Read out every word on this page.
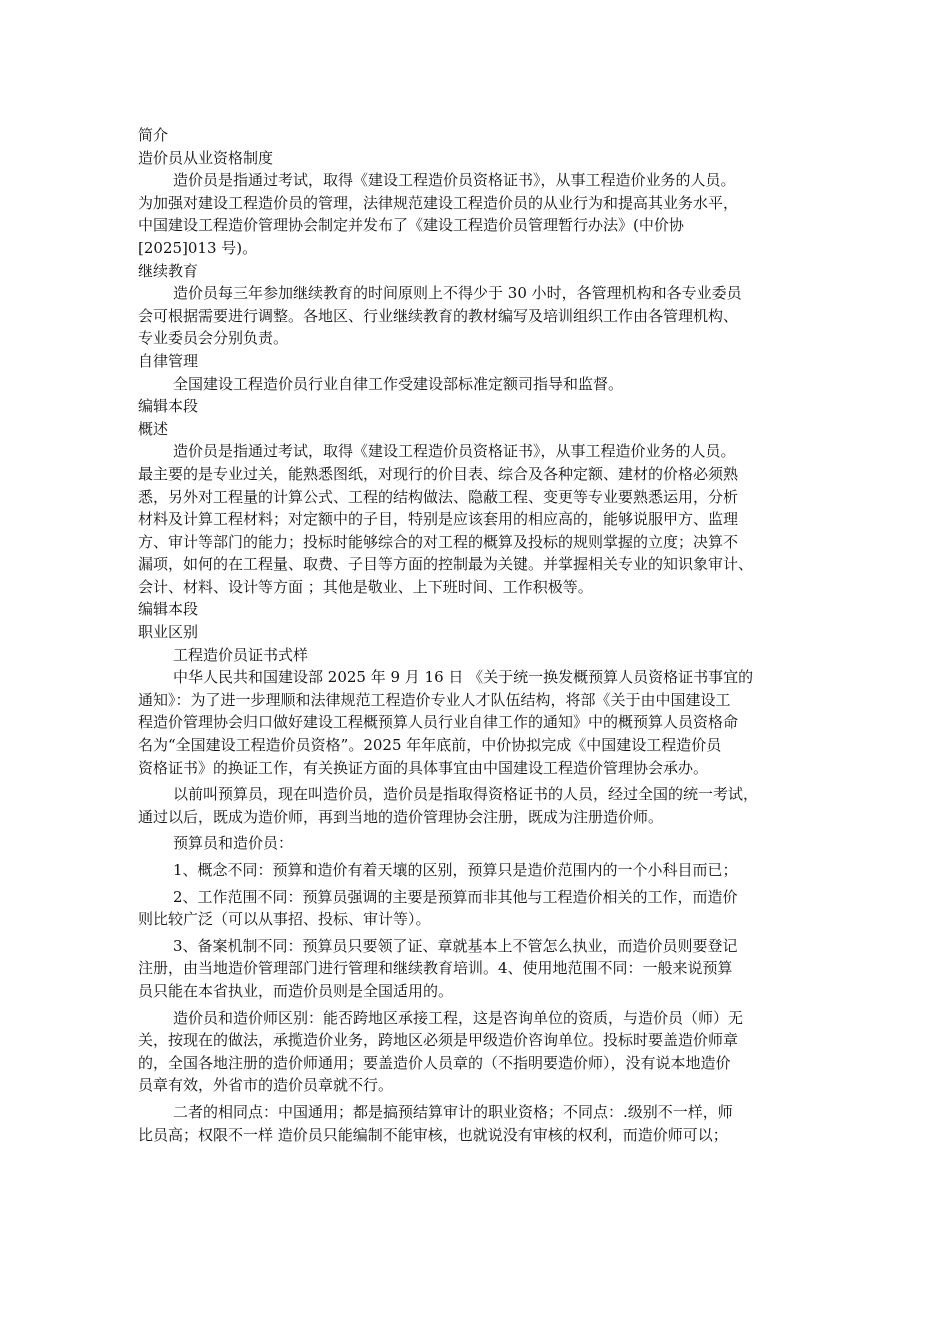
简介
造价员从业资格制度
造价员是指通过考试，取得《建设工程造价员资格证书》，从事工程造价业务的人员。
为加强对建设工程造价员的管理，法律规范建设工程造价员的从业行为和提高其业务水平，
中国建设工程造价管理协会制定并发布了《建设工程造价员管理暂行办法》(中价协
[2025]013 号)。
继续教育
造价员每三年参加继续教育的时间原则上不得少于 30 小时，各管理机构和各专业委员
会可根据需要进行调整。各地区、行业继续教育的教材编写及培训组织工作由各管理机构、
专业委员会分别负责。
自律管理
全国建设工程造价员行业自律工作受建设部标准定额司指导和监督。
编辑本段
概述
造价员是指通过考试，取得《建设工程造价员资格证书》，从事工程造价业务的人员。
最主要的是专业过关，能熟悉图纸，对现行的价目表、综合及各种定额、建材的价格必须熟
悉，另外对工程量的计算公式、工程的结构做法、隐蔽工程、变更等专业要熟悉运用，分析
材料及计算工程材料；对定额中的子目，特别是应该套用的相应高的，能够说服甲方、监理
方、审计等部门的能力；投标时能够综合的对工程的概算及投标的规则掌握的立度；决算不
漏项，如何的在工程量、取费、子目等方面的控制最为关键。并掌握相关专业的知识象审计、
会计、材料、设计等方面 ；其他是敬业、上下班时间、工作积极等。
编辑本段
职业区别
工程造价员证书式样
中华人民共和国建设部 2025 年 9 月 16 日 《关于统一换发概预算人员资格证书事宜的
通知》：为了进一步理顺和法律规范工程造价专业人才队伍结构，将部《关于由中国建设工
程造价管理协会归口做好建设工程概预算人员行业自律工作的通知》中的概预算人员资格命
名为“全国建设工程造价员资格”。2025 年年底前，中价协拟完成《中国建设工程造价员
资格证书》的换证工作，有关换证方面的具体事宜由中国建设工程造价管理协会承办。
以前叫预算员，现在叫造价员，造价员是指取得资格证书的人员，经过全国的统一考试，
通过以后，既成为造价师，再到当地的造价管理协会注册，既成为注册造价师。
预算员和造价员：
1、概念不同：预算和造价有着天壤的区别，预算只是造价范围内的一个小科目而已；
2、工作范围不同：预算员强调的主要是预算而非其他与工程造价相关的工作，而造价
则比较广泛（可以从事招、投标、审计等）。
3、备案机制不同：预算员只要领了证、章就基本上不管怎么执业，而造价员则要登记
注册，由当地造价管理部门进行管理和继续教育培训。4、使用地范围不同：一般来说预算
员只能在本省执业，而造价员则是全国适用的。
造价员和造价师区别：能否跨地区承接工程，这是咨询单位的资质，与造价员（师）无
关，按现在的做法，承揽造价业务，跨地区必须是甲级造价咨询单位。投标时要盖造价师章
的，全国各地注册的造价师通用；要盖造价人员章的（不指明要造价师），没有说本地造价
员章有效，外省市的造价员章就不行。
二者的相同点：中国通用；都是搞预结算审计的职业资格；不同点：.级别不一样，师
比员高；权限不一样 造价员只能编制不能审核，也就说没有审核的权利，而造价师可以；
